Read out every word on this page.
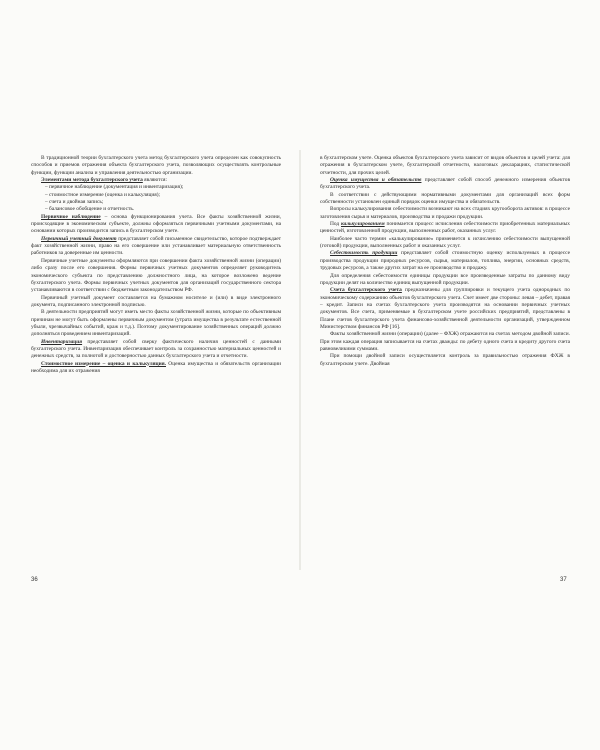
В традиционной теории бухгалтерского учета метод бухгалтерского учета определен как совокупность способов и приемов отражения объекта бухгалтерского учета, позволяющих осуществлять контрольные функции, функции анализа и управления деятельностью организации.

Элементами метода бухгалтерского учета являются:

– первичное наблюдение (документация и инвентаризация);

– стоимостное измерение (оценка и калькуляция);

– счета и двойная запись;

– балансовое обобщение и отчетность.

Первичное наблюдение – основа функционирования учета. Все факты хозяйственной жизни, происходящие в экономическом субъекте, должны оформляться первичными учетными документами, на основании которых производится запись в бухгалтерском учете.

Первичный учетный документ представляет собой письменное свидетельство, которое подтверждает факт хозяйственной жизни, право на его совершение или устанавливает материальную ответственность работников за доверенные им ценности.

Первичные учетные документы оформляются при совершении факта хозяйственной жизни (операции) либо сразу после его совершения. Формы первичных учетных документов определяет руководитель экономического субъекта по представлению должностного лица, на которое возложено ведение бухгалтерского учета. Формы первичных учетных документов для организаций государственного сектора устанавливаются в соответствии с бюджетным законодательством РФ.

Первичный учетный документ составляется на бумажном носителе и (или) в виде электронного документа, подписанного электронной подписью.

В деятельности предприятий могут иметь место факты хозяйственной жизни, которые по объективным причинам не могут быть оформлены первичным документом (утрата имущества в результате естественной убыли, чрезвычайных событий, краж и т.д.). Поэтому документирование хозяйственных операций должно дополняться проведением инвентаризаций.

Инвентаризация представляет собой сверку фактического наличия ценностей с данными бухгалтерского учета. Инвентаризация обеспечивает контроль за сохранностью материальных ценностей и денежных средств, за полнотой и достоверностью данных бухгалтерского учета и отчетности.

Стоимостное измерение – оценка и калькуляция. Оценка имущества и обязательств организации необходима для их отражения

36

в бухгалтерском учете. Оценка объектов бухгалтерского учета зависит от видов объектов и целей учета: для отражения в бухгалтерском учете, бухгалтерской отчетности, налоговых декларациях, статистической отчетности, для прочих целей.

Оценка имущества и обязательств представляет собой способ денежного измерения объектов бухгалтерского учета.

В соответствии с действующими нормативными документами для организаций всех форм собственности установлен единый порядок оценки имущества и обязательств.

Вопросы калькулирования себестоимости возникают на всех стадиях кругооборота активов: в процессе заготовления сырья и материалов, производства и продажи продукции.

Под калькулированием понимается процесс исчисления себестоимости приобретенных материальных ценностей, изготовленной продукции, выполненных работ, оказанных услуг.

Наиболее часто термин «калькулирование» применяется к исчислению себестоимости выпущенной (готовой) продукции, выполненных работ и оказанных услуг.

Себестоимость продукции представляет собой стоимостную оценку используемых в процессе производства продукции природных ресурсов, сырья, материалов, топлива, энергии, основных средств, трудовых ресурсов, а также других затрат на ее производство и продажу.

Для определения себестоимости единицы продукции все произведенные затраты по данному виду продукции делят на количество единиц выпущенной продукции.

Счета бухгалтерского учета предназначены для группировки и текущего учета однородных по экономическому содержанию объектов бухгалтерского учета. Счет имеет две стороны: левая – дебет, правая – кредит. Записи на счетах бухгалтерского учета производятся на основании первичных учетных документов. Все счета, применяемые в бухгалтерском учете российских предприятий, представлены в Плане счетов бухгалтерского учета финансово-хозяйственной деятельности организаций, утвержденном Министерством финансов РФ [16].

Факты хозяйственной жизни (операции) (далее – ФХЖ) отражаются на счетах методом двойной записи. При этом каждая операция записывается на счетах дважды: по дебету одного счета и кредиту другого счета равновеликими суммами.

При помощи двойной записи осуществляется контроль за правильностью отражения ФХЖ в бухгалтерском учете. Двойная

37
